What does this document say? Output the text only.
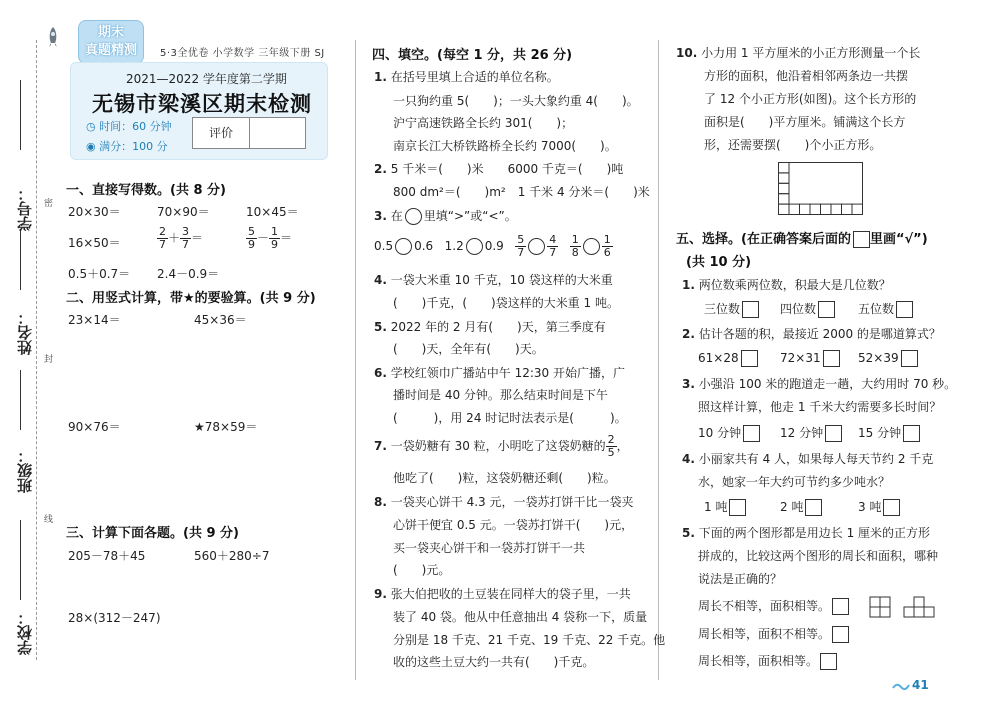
学号：
姓名：
班级：
学校：
密
封
线
期末
真题精测	5·3全优卷 小学数学 三年级下册 SJ
2021—2022 学年度第二学期
无锡市梁溪区期末检测
◷ 时间：60 分钟
◉ 满分：100 分
评价
一、直接写得数。(共 8 分)
20×30＝	70×90＝	10×45＝
16×50＝	$\frac{2}{7} + \frac{3}{7}$ ＝	$\frac{5}{9} - \frac{1}{9}$ ＝
0.5＋0.7＝ 2.4－0.9＝
二、用竖式计算，带★的要验算。(共 9 分)
23×14＝	45×36＝
90×76＝	★78×59＝
三、计算下面各题。(共 9 分)
205－78＋45	560＋280÷7
28×(312－247)
四、填空。(每空 1 分，共 26 分)
1. 在括号里填上合适的单位名称。
一只狗约重 5(　　)；一头大象约重 4(　　)。
沪宁高速铁路全长约 301(　　)；
南京长江大桥铁路桥全长约 7000(　　)。
2. 5 千米＝(　　)米　　6000 千克＝(　　)吨
800 dm²＝(　　)m²　1 千米 4 分米＝(　　)米
3. 在 里填“>”或“<”。
0.5 0.6 1.2 $0.9 \frac{5}{7} \frac{4}{7}$
$\frac{1}{8} \frac{1}{6}$
4. 一袋大米重 10 千克，10 袋这样的大米重
(　　)千克，(　　)袋这样的大米重 1 吨。
5. 2022 年的 2 月有(　　)天，第三季度有
(　　)天，全年有(　　)天。
6. 学校红领巾广播站中午 12:30 开始广播，广
播时间是 40 分钟。那么结束时间是下午
(　　　)，用 24 时记时法表示是(　　　)。
7. 一袋奶糖有 30 粒，小明吃了这袋奶糖的 $\frac{2}{5}$ ，
他吃了(　　)粒，这袋奶糖还剩(　　)粒。
8. 一袋夹心饼干 4.3 元，一袋苏打饼干比一袋夹
心饼干便宜 0.5 元。一袋苏打饼干(　　)元，
买一袋夹心饼干和一袋苏打饼干一共
(　　)元。
9. 张大伯把收的土豆装在同样大的袋子里，一共
装了 40 袋。他从中任意抽出 4 袋称一下，质量
分别是 18 千克、21 千克、19 千克、22 千克。他
收的这些土豆大约一共有(　　)千克。
10. 小力用 1 平方厘米的小正方形测量一个长
方形的面积，他沿着相邻两条边一共摆
了 12 个小正方形(如图)。这个长方形的
面积是(　　)平方厘米。铺满这个长方
形，还需要摆(　　)个小正方形。
五、选择。(在正确答案后面的 里画“√”)
(共 10 分)
1. 两位数乘两位数，积最大是几位数？
三位数	四位数	五位数
2. 估计各题的积，最接近 2000 的是哪道算式？
61×28	72×31	52×39
3. 小强沿 100 米的跑道走一趟，大约用时 70 秒。
照这样计算，他走 1 千米大约需要多长时间？
10 分钟	12 分钟	15 分钟
4. 小丽家共有 4 人，如果每人每天节约 2 千克
水，她家一年大约可节约多少吨水？
1 吨	2 吨	3 吨
5. 下面的两个图形都是用边长 1 厘米的正方形
拼成的，比较这两个图形的周长和面积，哪种
说法是正确的？
周长不相等，面积相等。
周长相等，面积不相等。
周长相等，面积相等。
41
